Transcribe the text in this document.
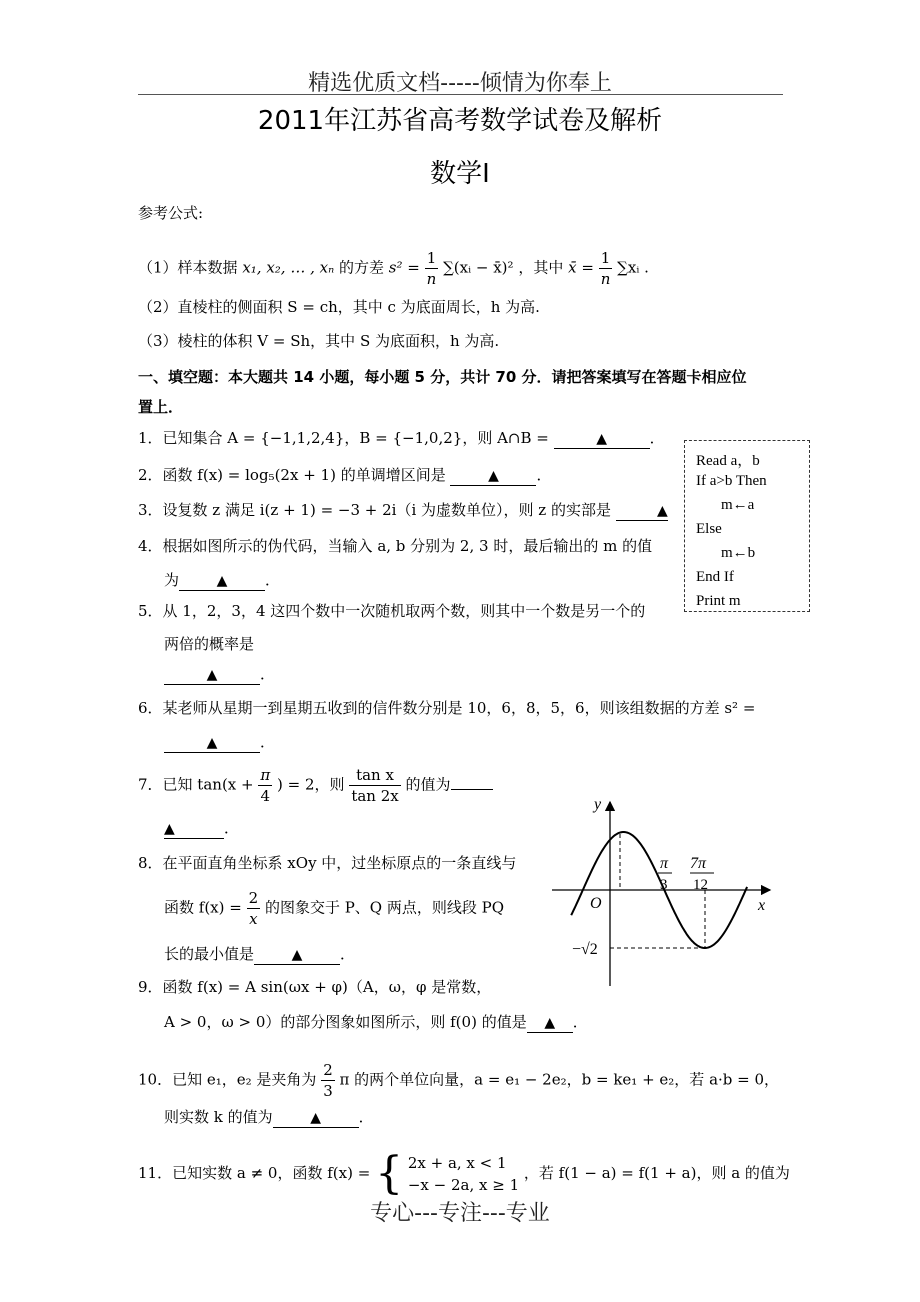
精选优质文档-----倾情为你奉上
2011年江苏省高考数学试卷及解析
数学Ⅰ
参考公式:
（1）样本数据 x₁, x₂, … , xₙ 的方差 $s^2 = \frac{1}{n}$ ∑(xᵢ − x̄)² ，其中 x̄ = $\frac{1}{n}$ ∑xᵢ .
（2）直棱柱的侧面积 S = ch，其中 c 为底面周长，h 为高.
（3）棱柱的体积 V = Sh，其中 S 为底面积，h 为高.
一、填空题：本大题共 14 小题，每小题 5 分，共计 70 分．请把答案填写在答题卡相应位
置上．
1．已知集合 A = {−1,1,2,4}，B = {−1,0,2}，则 A∩B =	▲	．
2．函数 f(x) = log₅(2x + 1) 的单调增区间是	▲	．
3．设复数 z 满足 i(z + 1) = −3 + 2i（i 为虚数单位），则 z 的实部是	▲
4．根据如图所示的伪代码，当输入 a, b 分别为 2, 3 时，最后输出的 m 的值
为	▲	．
Read a，b
If a>b Then
m←a
Else
m←b
End If
Print m
5．从 1，2，3，4 这四个数中一次随机取两个数，则其中一个数是另一个的
两倍的概率是
▲	．
6．某老师从星期一到星期五收到的信件数分别是 10，6，8，5，6，则该组数据的方差 s² =
▲	．
7．已知 $\tan(x + \frac{\pi}{4}$ ) = 2，则 $\frac{\text{tan x}}{\tan 2x}$ 的值为
▲	．
8．在平面直角坐标系 xOy 中，过坐标原点的一条直线与
函数 $f(x) = \frac{2}{x}$ 的图象交于 P、Q 两点，则线段 PQ
长的最小值是	▲	．
9．函数 f(x) = A sin(ωx + φ)（A，ω，φ 是常数，
A > 0，ω > 0）的部分图象如图所示，则 f(0) 的值是 ▲ ．
y
x
O
π
3
7π
12
−√2
10．已知 e₁，e₂ 是夹角为 $\frac{2}{3}$ π 的两个单位向量，a = e₁ − 2e₂，b = ke₁ + e₂，若 a·b = 0，
则实数 k 的值为	▲	．
11．已知实数 a ≠ 0，函数 f(x) = { 2x + a, x < 1
−x − 2a, x ≥ 1
，若 f(1 − a) = f(1 + a)，则 a 的值为
专心---专注---专业
